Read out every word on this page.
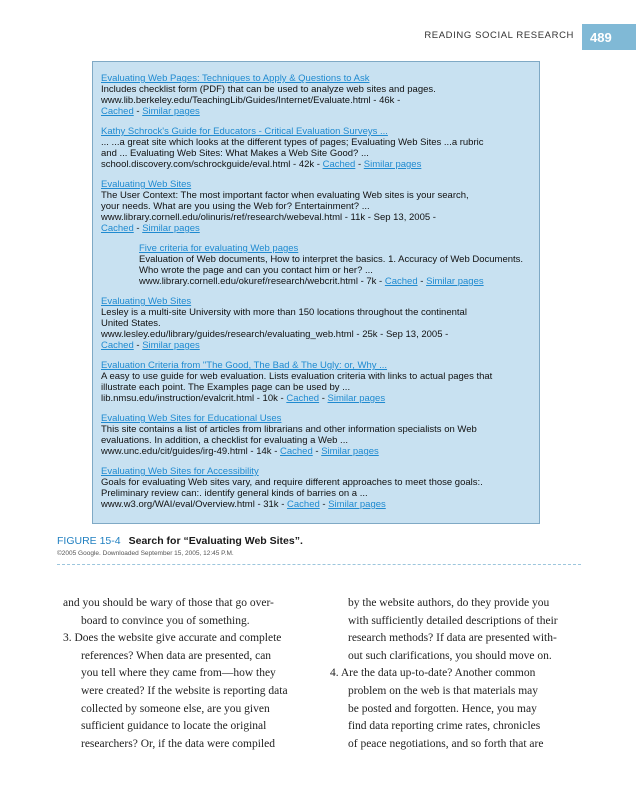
READING SOCIAL RESEARCH	489
Evaluating Web Pages: Techniques to Apply & Questions to Ask
Includes checklist form (PDF) that can be used to analyze web sites and pages.
www.lib.berkeley.edu/TeachingLib/Guides/Internet/Evaluate.html - 46k -
Cached - Similar pages
Kathy Schrock's Guide for Educators - Critical Evaluation Surveys ...
... ...a great site which looks at the different types of pages; Evaluating Web Sites ...a rubric
and ... Evaluating Web Sites: What Makes a Web Site Good? ...
school.discovery.com/schrockguide/eval.html - 42k - Cached - Similar pages
Evaluating Web Sites
The User Context: The most important factor when evaluating Web sites is your search,
your needs. What are you using the Web for? Entertainment? ...
www.library.cornell.edu/olinuris/ref/research/webeval.html - 11k - Sep 13, 2005 -
Cached - Similar pages
Five criteria for evaluating Web pages
Evaluation of Web documents, How to interpret the basics. 1. Accuracy of Web Documents.
Who wrote the page and can you contact him or her? ...
www.library.cornell.edu/okuref/research/webcrit.html - 7k - Cached - Similar pages
Evaluating Web Sites
Lesley is a multi-site University with more than 150 locations throughout the continental
United States.
www.lesley.edu/library/guides/research/evaluating_web.html - 25k - Sep 13, 2005 -
Cached - Similar pages
Evaluation Criteria from "The Good, The Bad & The Ugly: or, Why ...
A easy to use guide for web evaluation. Lists evaluation criteria with links to actual pages that
illustrate each point. The Examples page can be used by ...
lib.nmsu.edu/instruction/evalcrit.html - 10k - Cached - Similar pages
Evaluating Web Sites for Educational Uses
This site contains a list of articles from librarians and other information specialists on Web
evaluations. In addition, a checklist for evaluating a Web ...
www.unc.edu/cit/guides/irg-49.html - 14k - Cached - Similar pages
Evaluating Web Sites for Accessibility
Goals for evaluating Web sites vary, and require different approaches to meet those goals:.
Preliminary review can:. identify general kinds of barries on a ...
www.w3.org/WAI/eval/Overview.html - 31k - Cached - Similar pages
FIGURE 15-4 Search for “Evaluating Web Sites”.
©2005 Google. Downloaded September 15, 2005, 12:45 P.M.
and you should be wary of those that go over-
board to convince you of something.
3. Does the website give accurate and complete
references? When data are presented, can
you tell where they came from—how they
were created? If the website is reporting data
collected by someone else, are you given
sufficient guidance to locate the original
researchers? Or, if the data were compiled
by the website authors, do they provide you
with sufficiently detailed descriptions of their
research methods? If data are presented with-
out such clarifications, you should move on.
4. Are the data up-to-date? Another common
problem on the web is that materials may
be posted and forgotten. Hence, you may
find data reporting crime rates, chronicles
of peace negotiations, and so forth that are
